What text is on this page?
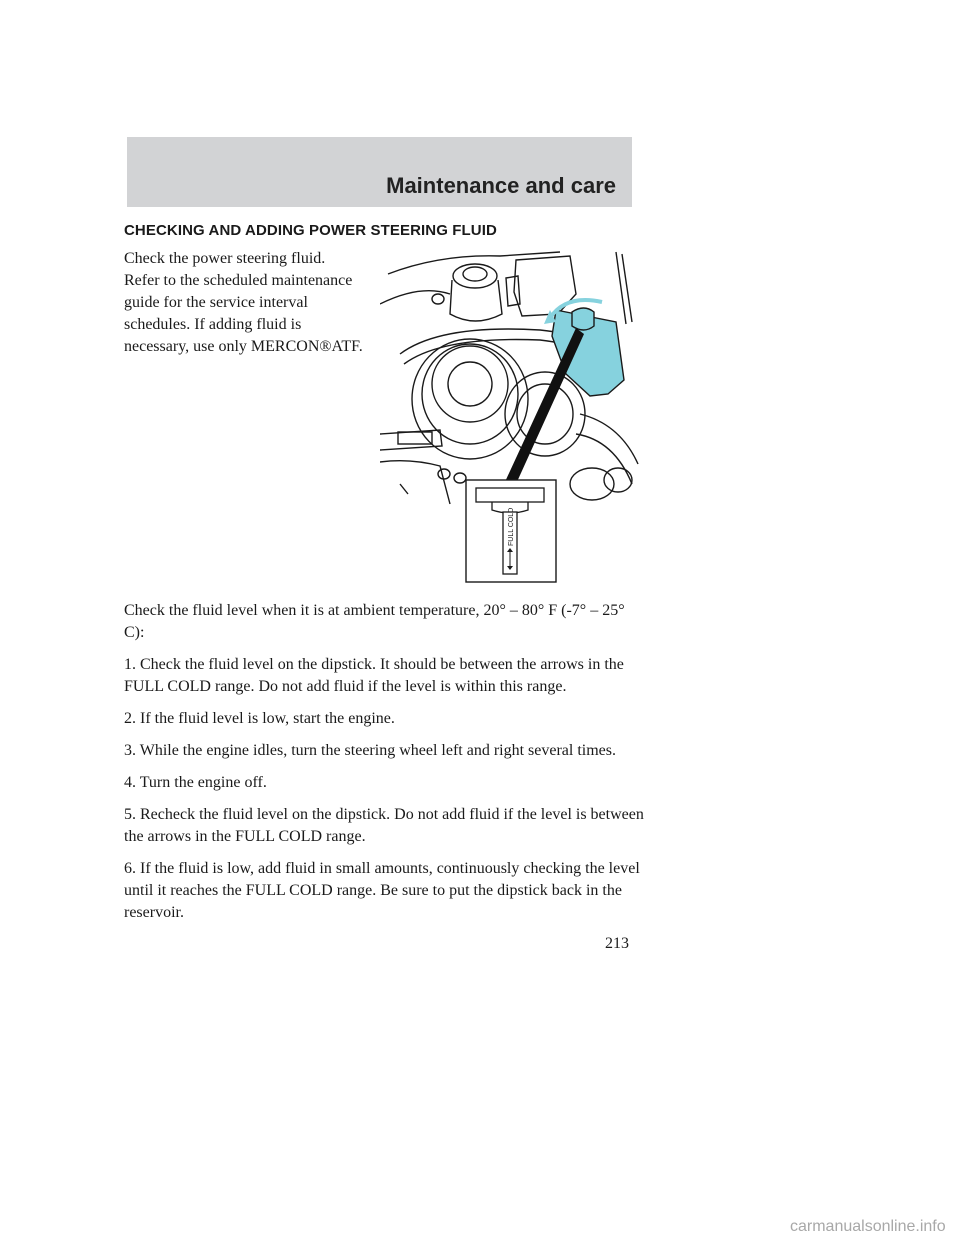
Maintenance and care
CHECKING AND ADDING POWER STEERING FLUID

Check the power steering fluid.
Refer to the scheduled maintenance
guide for the service interval
schedules. If adding fluid is
necessary, use only MERCON®ATF.

FULL COLD

Check the fluid level when it is at ambient temperature, 20° – 80° F (-7° – 25° C):

1. Check the fluid level on the dipstick. It should be between the arrows in the FULL COLD range. Do not add fluid if the level is within this range.

2. If the fluid level is low, start the engine.

3. While the engine idles, turn the steering wheel left and right several times.

4. Turn the engine off.

5. Recheck the fluid level on the dipstick. Do not add fluid if the level is between the arrows in the FULL COLD range.

6. If the fluid is low, add fluid in small amounts, continuously checking the level until it reaches the FULL COLD range. Be sure to put the dipstick back in the reservoir.

213
carmanualsonline.info
